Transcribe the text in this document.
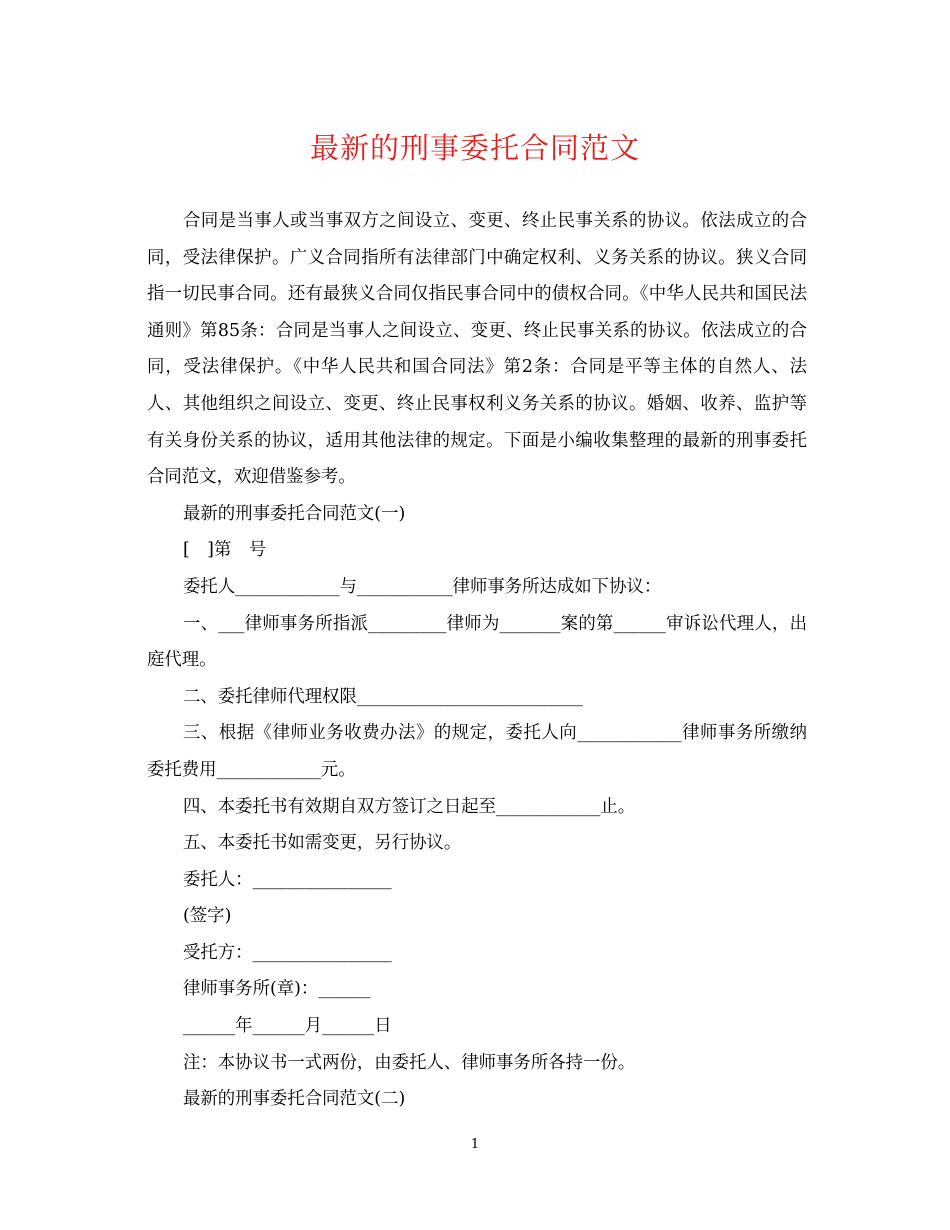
最新的刑事委托合同范文

合同是当事人或当事双方之间设立、变更、终止民事关系的协议。依法成立的合同，受法律保护。广义合同指所有法律部门中确定权利、义务关系的协议。狭义合同指一切民事合同。还有最狭义合同仅指民事合同中的债权合同。《中华人民共和国民法通则》第85条：合同是当事人之间设立、变更、终止民事关系的协议。依法成立的合同，受法律保护。《中华人民共和国合同法》第2条：合同是平等主体的自然人、法人、其他组织之间设立、变更、终止民事权利义务关系的协议。婚姻、收养、监护等有关身份关系的协议，适用其他法律的规定。下面是小编收集整理的最新的刑事委托合同范文，欢迎借鉴参考。

最新的刑事委托合同范文(一)

[　]第　号

委托人____________与___________律师事务所达成如下协议：

一、___律师事务所指派_________律师为_______案的第______审诉讼代理人，出庭代理。

二、委托律师代理权限__________________________

三、根据《律师业务收费办法》的规定，委托人向____________律师事务所缴纳委托费用____________元。

四、本委托书有效期自双方签订之日起至____________止。

五、本委托书如需变更，另行协议。

委托人：________________

(签字)

受托方：________________

律师事务所(章)：______

______年______月______日

注：本协议书一式两份，由委托人、律师事务所各持一份。

最新的刑事委托合同范文(二)

1
